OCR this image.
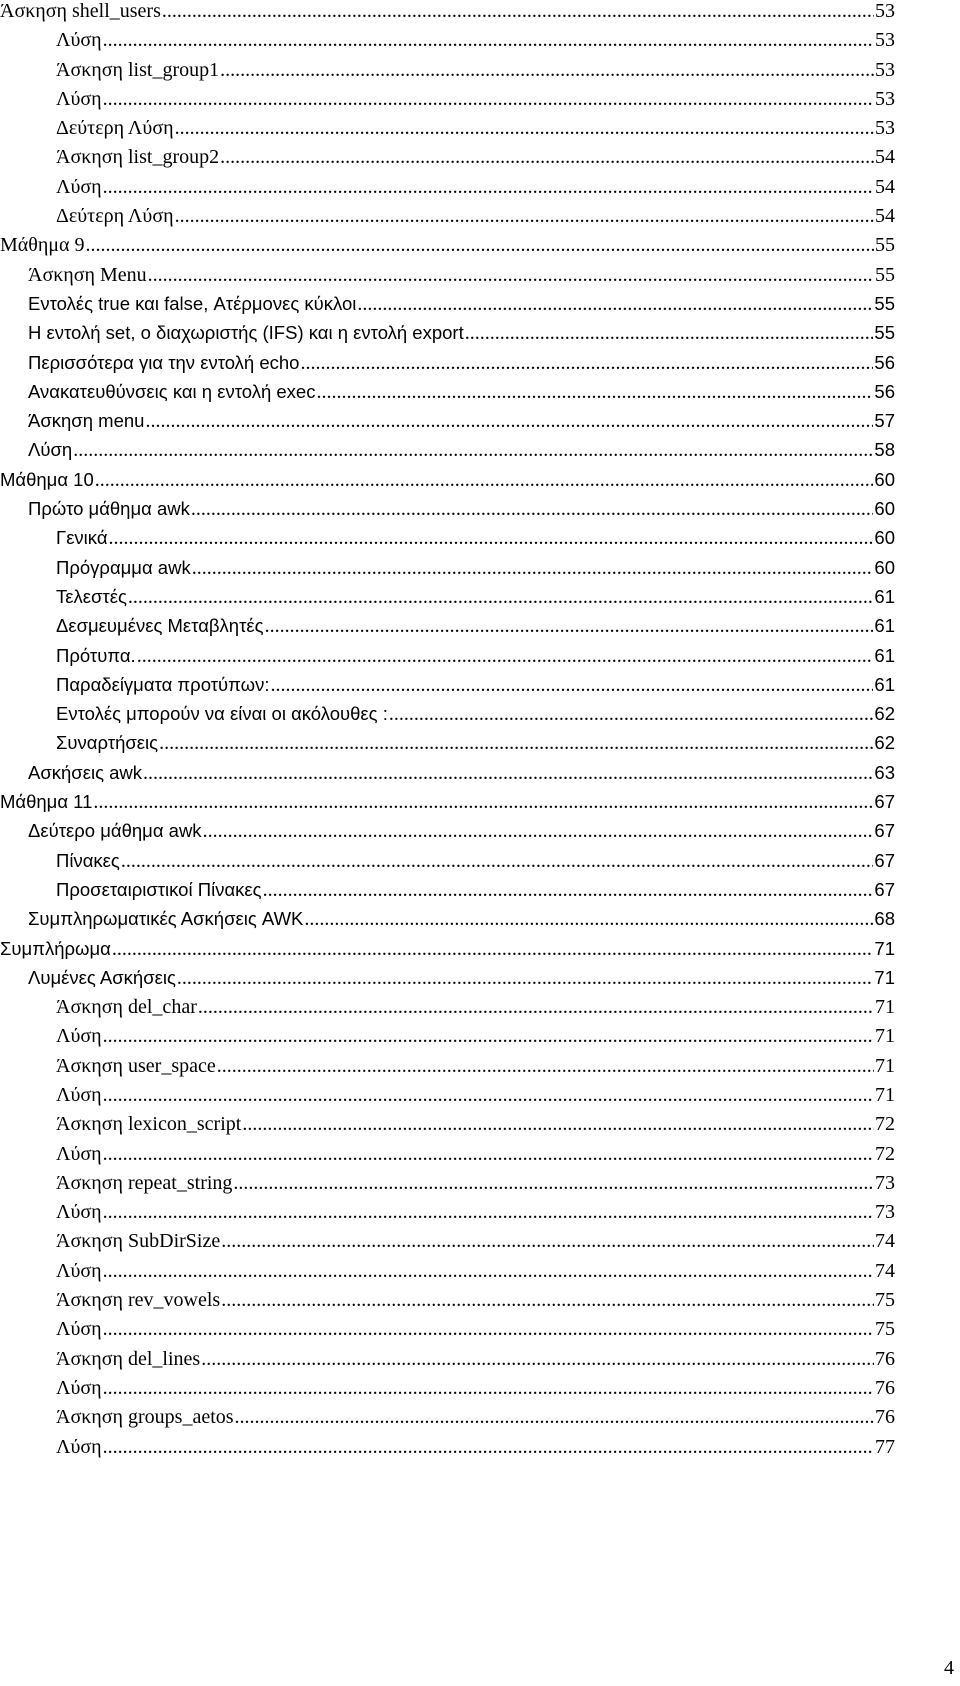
Άσκηση shell_users .....	53
Λύση .....	53
Άσκηση list_group1 .....	53
Λύση .....	53
Δεύτερη Λύση .....	53
Άσκηση list_group2 .....	54
Λύση .....	54
Δεύτερη Λύση .....	54
Μάθημα 9 .....	55
Άσκηση Menu .....	55
Εντολές true και false, Ατέρμονες κύκλοι .....	55
Η εντολή set, ο διαχωριστής (IFS) και η εντολή export .....	55
Περισσότερα για την εντολή echo .....	56
Ανακατευθύνσεις και η εντολή exec .....	56
Άσκηση menu .....	57
Λύση .....	58
Μάθημα 10 .....	60
Πρώτο μάθημα awk .....	60
Γενικά .....	60
Πρόγραμμα awk .....	60
Τελεστές .....	61
Δεσμευμένες Μεταβλητές .....	61
Πρότυπα. .....	61
Παραδείγματα προτύπων: .....	61
Εντολές μπορούν να είναι οι ακόλουθες : .....	62
Συναρτήσεις .....	62
Ασκήσεις awk .....	63
Μάθημα 11 .....	67
Δεύτερο μάθημα awk .....	67
Πίνακες .....	67
Προσεταιριστικοί Πίνακες .....	67
Συμπληρωματικές Ασκήσεις AWK .....	68
Συμπλήρωμα .....	71
Λυμένες Ασκήσεις .....	71
Άσκηση del_char .....	71
Λύση .....	71
Άσκηση user_space .....	71
Λύση .....	71
Άσκηση lexicon_script .....	72
Λύση .....	72
Άσκηση repeat_string .....	73
Λύση .....	73
Άσκηση SubDirSize .....	74
Λύση .....	74
Άσκηση rev_vowels .....	75
Λύση .....	75
Άσκηση del_lines .....	76
Λύση .....	76
Άσκηση groups_aetos .....	76
Λύση .....	77
4
